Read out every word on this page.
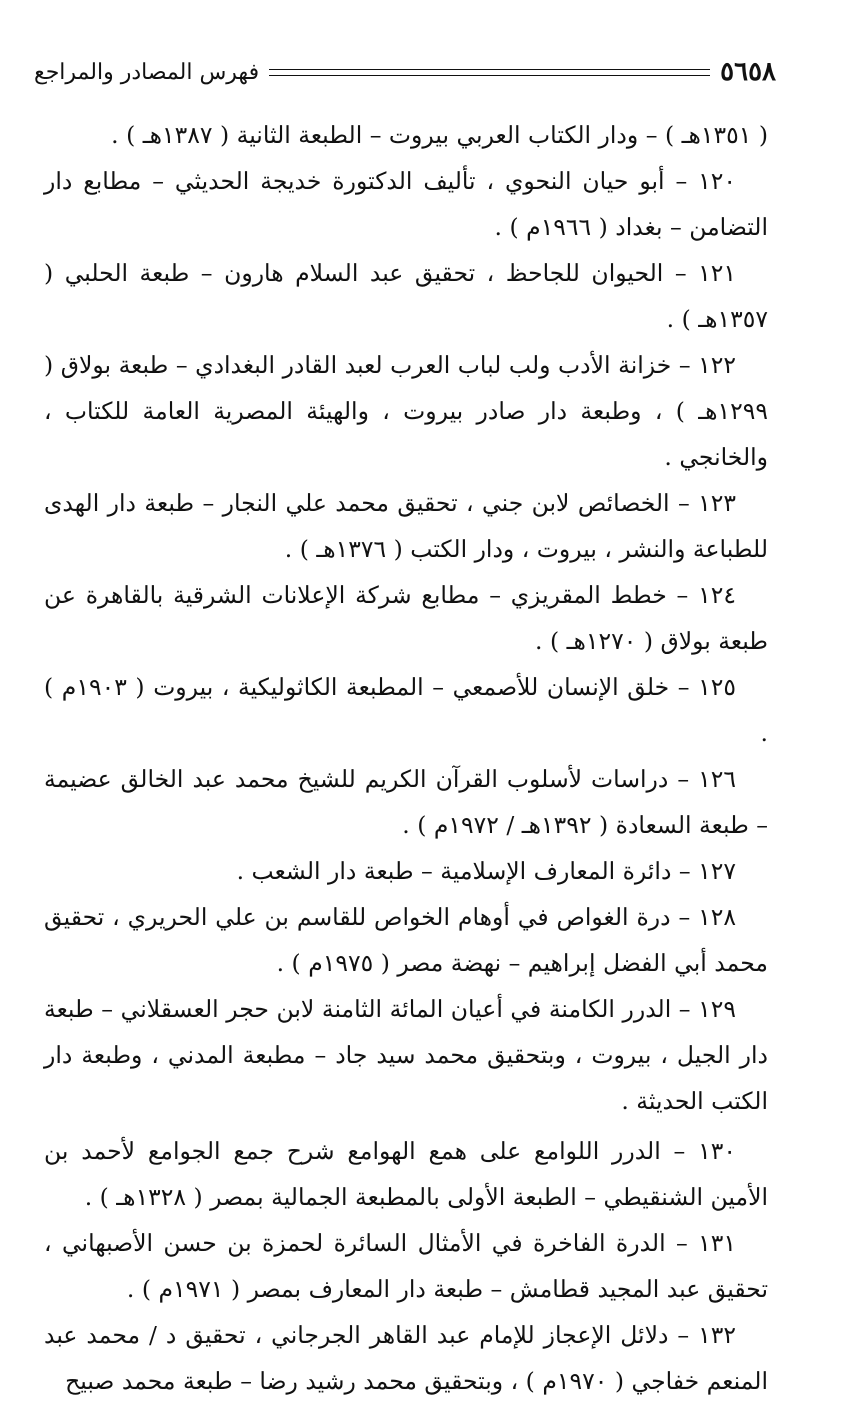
٥٦٥٨
فهرس المصادر والمراجع

( ١٣٥١هـ ) – ودار الكتاب العربي بيروت – الطبعة الثانية ( ١٣٨٧هـ ) .

١٢٠ – أبو حيان النحوي ، تأليف الدكتورة خديجة الحديثي – مطابع دار التضامن – بغداد ( ١٩٦٦م ) .

١٢١ – الحيوان للجاحظ ، تحقيق عبد السلام هارون – طبعة الحلبي ( ١٣٥٧هـ ) .

١٢٢ – خزانة الأدب ولب لباب العرب لعبد القادر البغدادي – طبعة بولاق ( ١٢٩٩هـ ) ، وطبعة دار صادر بيروت ، والهيئة المصرية العامة للكتاب ، والخانجي .

١٢٣ – الخصائص لابن جني ، تحقيق محمد علي النجار – طبعة دار الهدى للطباعة والنشر ، بيروت ، ودار الكتب ( ١٣٧٦هـ ) .

١٢٤ – خطط المقريزي – مطابع شركة الإعلانات الشرقية بالقاهرة عن طبعة بولاق ( ١٢٧٠هـ ) .

١٢٥ – خلق الإنسان للأصمعي – المطبعة الكاثوليكية ، بيروت ( ١٩٠٣م ) .

١٢٦ – دراسات لأسلوب القرآن الكريم للشيخ محمد عبد الخالق عضيمة – طبعة السعادة ( ١٣٩٢هـ / ١٩٧٢م ) .

١٢٧ – دائرة المعارف الإسلامية – طبعة دار الشعب .

١٢٨ – درة الغواص في أوهام الخواص للقاسم بن علي الحريري ، تحقيق محمد أبي الفضل إبراهيم – نهضة مصر ( ١٩٧٥م ) .

١٢٩ – الدرر الكامنة في أعيان المائة الثامنة لابن حجر العسقلاني – طبعة دار الجيل ، بيروت ، وبتحقيق محمد سيد جاد – مطبعة المدني ، وطبعة دار الكتب الحديثة .

١٣٠ – الدرر اللوامع على همع الهوامع شرح جمع الجوامع لأحمد بن الأمين الشنقيطي – الطبعة الأولى بالمطبعة الجمالية بمصر ( ١٣٢٨هـ ) .

١٣١ – الدرة الفاخرة في الأمثال السائرة لحمزة بن حسن الأصبهاني ، تحقيق عبد المجيد قطامش – طبعة دار المعارف بمصر ( ١٩٧١م ) .

١٣٢ – دلائل الإعجاز للإمام عبد القاهر الجرجاني ، تحقيق د / محمد عبد المنعم خفاجي ( ١٩٧٠م ) ، وبتحقيق محمد رشيد رضا – طبعة محمد صبيح
